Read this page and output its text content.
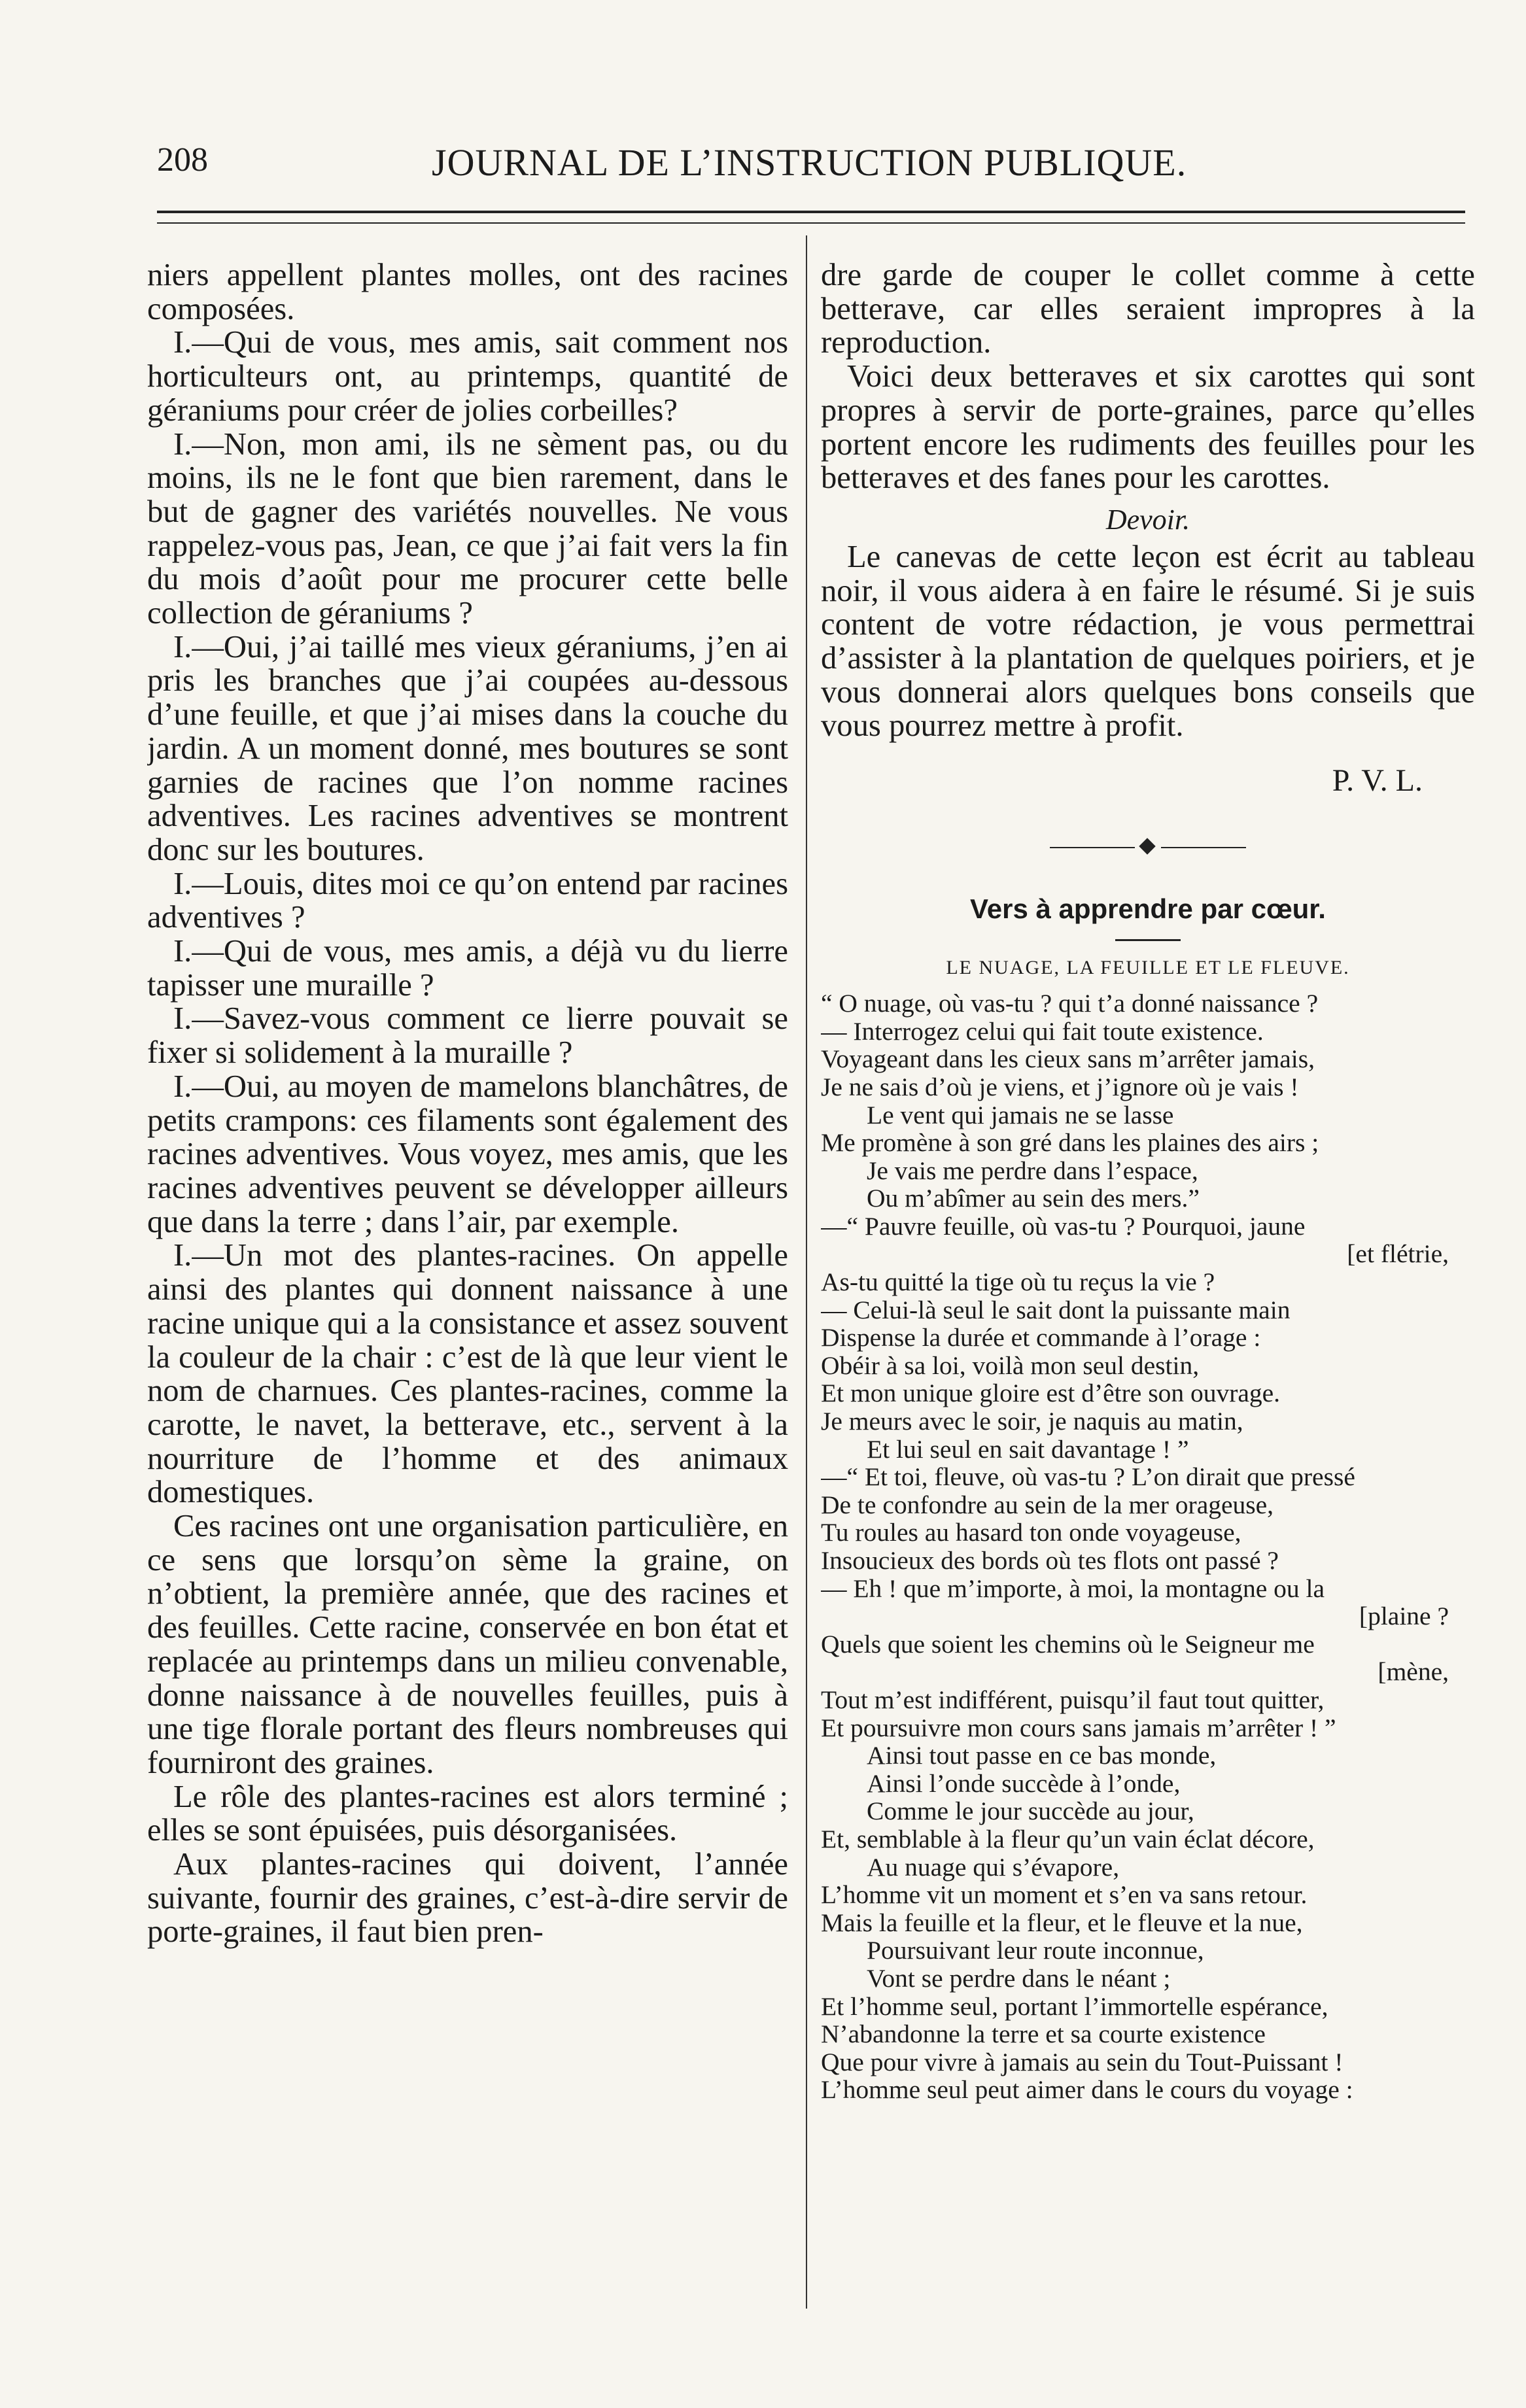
208	JOURNAL DE L’INSTRUCTION PUBLIQUE.

niers appellent plantes molles, ont des racines composées.

I.—Qui de vous, mes amis, sait comment nos horticulteurs ont, au printemps, quantité de géraniums pour créer de jolies corbeilles?

I.—Non, mon ami, ils ne sèment pas, ou du moins, ils ne le font que bien rarement, dans le but de gagner des variétés nouvelles. Ne vous rappelez-vous pas, Jean, ce que j’ai fait vers la fin du mois d’août pour me procurer cette belle collection de géraniums ?

I.—Oui, j’ai taillé mes vieux géraniums, j’en ai pris les branches que j’ai coupées au-dessous d’une feuille, et que j’ai mises dans la couche du jardin. A un moment donné, mes boutures se sont garnies de racines que l’on nomme racines adventives. Les racines adventives se montrent donc sur les boutures.

I.—Louis, dites moi ce qu’on entend par racines adventives ?

I.—Qui de vous, mes amis, a déjà vu du lierre tapisser une muraille ?

I.—Savez-vous comment ce lierre pouvait se fixer si solidement à la muraille ?

I.—Oui, au moyen de mamelons blanchâtres, de petits crampons: ces filaments sont également des racines adventives. Vous voyez, mes amis, que les racines adventives peuvent se développer ailleurs que dans la terre ; dans l’air, par exemple.

I.—Un mot des plantes-racines. On appelle ainsi des plantes qui donnent naissance à une racine unique qui a la consistance et assez souvent la couleur de la chair : c’est de là que leur vient le nom de charnues. Ces plantes-racines, comme la carotte, le navet, la betterave, etc., servent à la nourriture de l’homme et des animaux domestiques.

Ces racines ont une organisation particulière, en ce sens que lorsqu’on sème la graine, on n’obtient, la première année, que des racines et des feuilles. Cette racine, conservée en bon état et replacée au printemps dans un milieu convenable, donne naissance à de nouvelles feuilles, puis à une tige florale portant des fleurs nombreuses qui fourniront des graines.

Le rôle des plantes-racines est alors terminé ; elles se sont épuisées, puis désorganisées.

Aux plantes-racines qui doivent, l’année suivante, fournir des graines, c’est-à-dire servir de porte-graines, il faut bien pren-

dre garde de couper le collet comme à cette betterave, car elles seraient impropres à la reproduction.

Voici deux betteraves et six carottes qui sont propres à servir de porte-graines, parce qu’elles portent encore les rudiments des feuilles pour les betteraves et des fanes pour les carottes.

Devoir.

Le canevas de cette leçon est écrit au tableau noir, il vous aidera à en faire le résumé. Si je suis content de votre rédaction, je vous permettrai d’assister à la plantation de quelques poiriers, et je vous donnerai alors quelques bons conseils que vous pourrez mettre à profit.

P. V. L.
Vers à apprendre par cœur.
LE NUAGE, LA FEUILLE ET LE FLEUVE.
“ O nuage, où vas-tu ? qui t’a donné naissance ?
— Interrogez celui qui fait toute existence.
Voyageant dans les cieux sans m’arrêter jamais,
Je ne sais d’où je viens, et j’ignore où je vais !
Le vent qui jamais ne se lasse
Me promène à son gré dans les plaines des airs ;
Je vais me perdre dans l’espace,
Ou m’abîmer au sein des mers.”
—“ Pauvre feuille, où vas-tu ? Pourquoi, jaune
[et flétrie,
As-tu quitté la tige où tu reçus la vie ?
— Celui-là seul le sait dont la puissante main
Dispense la durée et commande à l’orage :
Obéir à sa loi, voilà mon seul destin,
Et mon unique gloire est d’être son ouvrage.
Je meurs avec le soir, je naquis au matin,
Et lui seul en sait davantage ! ”
—“ Et toi, fleuve, où vas-tu ? L’on dirait que pressé
De te confondre au sein de la mer orageuse,
Tu roules au hasard ton onde voyageuse,
Insoucieux des bords où tes flots ont passé ?
— Eh ! que m’importe, à moi, la montagne ou la
[plaine ?
Quels que soient les chemins où le Seigneur me
[mène,
Tout m’est indifférent, puisqu’il faut tout quitter,
Et poursuivre mon cours sans jamais m’arrêter ! ”
Ainsi tout passe en ce bas monde,
Ainsi l’onde succède à l’onde,
Comme le jour succède au jour,
Et, semblable à la fleur qu’un vain éclat décore,
Au nuage qui s’évapore,
L’homme vit un moment et s’en va sans retour.
Mais la feuille et la fleur, et le fleuve et la nue,
Poursuivant leur route inconnue,
Vont se perdre dans le néant ;
Et l’homme seul, portant l’immortelle espérance,
N’abandonne la terre et sa courte existence
Que pour vivre à jamais au sein du Tout-Puissant !
L’homme seul peut aimer dans le cours du voyage :
